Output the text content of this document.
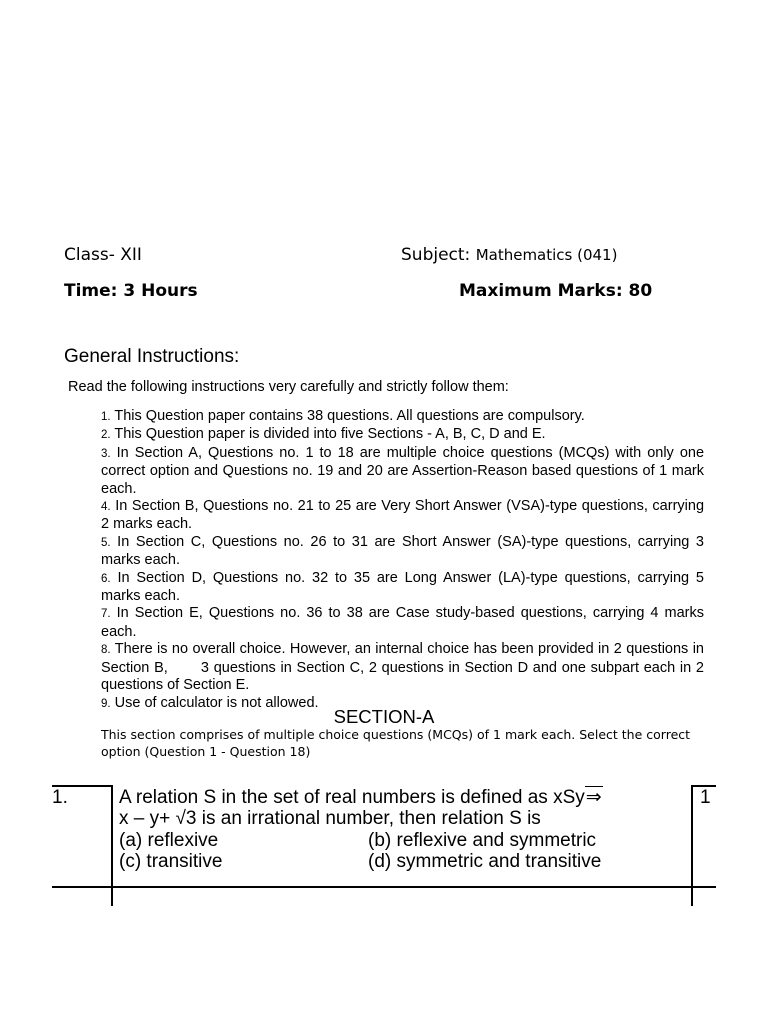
Class- XII	Subject: Mathematics (041)
Time: 3 Hours	Maximum Marks: 80
General Instructions:
Read the following instructions very carefully and strictly follow them:
1. This Question paper contains 38 questions. All questions are compulsory.
2. This Question paper is divided into five Sections - A, B, C, D and E.
3. In Section A, Questions no. 1 to 18 are multiple choice questions (MCQs) with only one correct option and Questions no. 19 and 20 are Assertion-Reason based questions of 1 mark each.
4. In Section B, Questions no. 21 to 25 are Very Short Answer (VSA)-type questions, carrying 2 marks each.
5. In Section C, Questions no. 26 to 31 are Short Answer (SA)-type questions, carrying 3 marks each.
6. In Section D, Questions no. 32 to 35 are Long Answer (LA)-type questions, carrying 5 marks each.
7. In Section E, Questions no. 36 to 38 are Case study-based questions, carrying 4 marks each.
8. There is no overall choice. However, an internal choice has been provided in 2 questions in Section B,       3 questions in Section C, 2 questions in Section D and one subpart each in 2 questions of Section E.
9. Use of calculator is not allowed.
SECTION-A
This section comprises of multiple choice questions (MCQs) of 1 mark each. Select the correct option (Question 1 - Question 18)
1.	A relation S in the set of real numbers is defined as xSy⇒
x – y+ √3 is an irrational number, then relation S is
(a) reflexive	(b) reflexive and symmetric
(c) transitive	(d) symmetric and transitive
1
